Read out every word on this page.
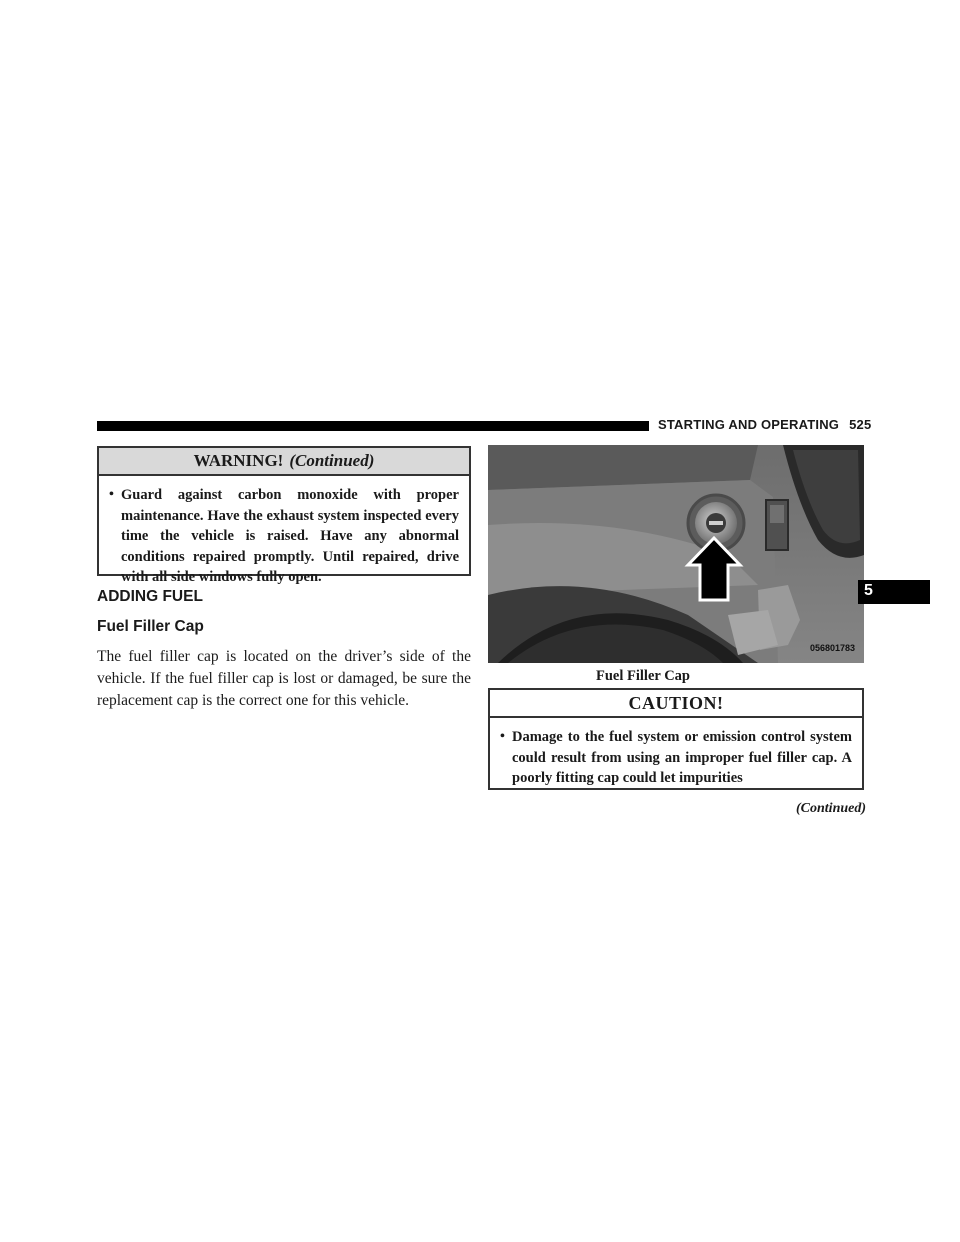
STARTING AND OPERATING 525
WARNING! (Continued)
• Guard against carbon monoxide with proper maintenance. Have the exhaust system inspected every time the vehicle is raised. Have any abnormal conditions repaired promptly. Until repaired, drive with all side windows fully open.
ADDING FUEL
Fuel Filler Cap
The fuel filler cap is located on the driver’s side of the vehicle. If the fuel filler cap is lost or damaged, be sure the replacement cap is the correct one for this vehicle.
056801783
Fuel Filler Cap
CAUTION!
• Damage to the fuel system or emission control system could result from using an improper fuel filler cap. A poorly fitting cap could let impurities
(Continued)
5
